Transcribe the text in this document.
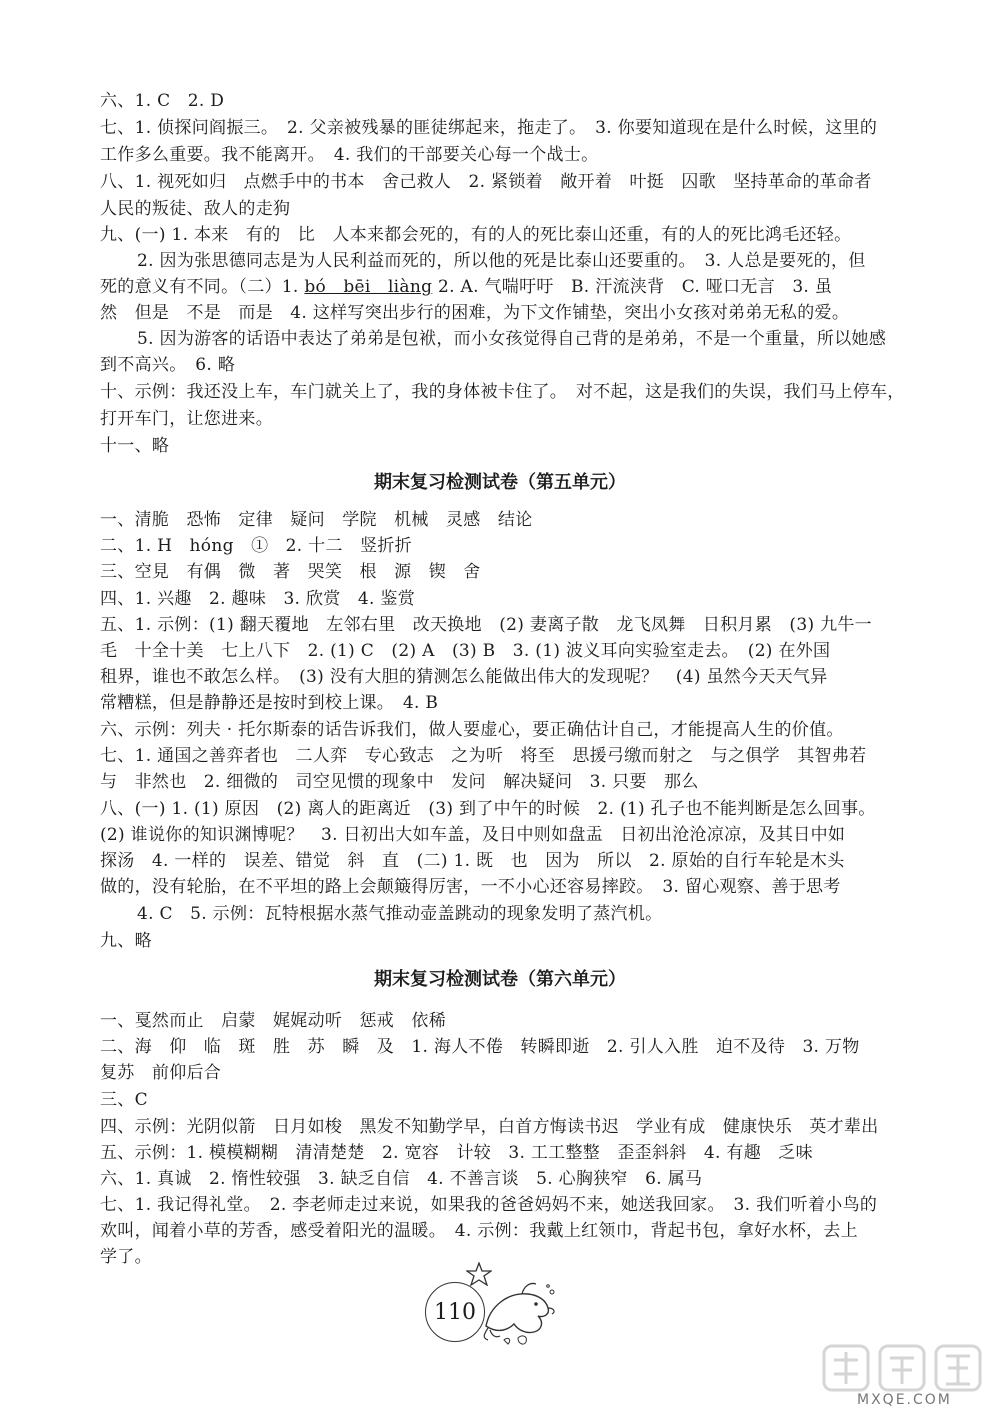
六、1. C　2. D
七、1. 侦探问阎振三。　2. 父亲被残暴的匪徒绑起来，拖走了。　3. 你要知道现在是什么时候，这里的
工作多么重要。我不能离开。　4. 我们的干部要关心每一个战士。
八、1. 视死如归　点燃手中的书本　舍己救人　2. 紧锁着　敞开着　叶挺　囚歌　坚持革命的革命者
人民的叛徒、敌人的走狗
九、(一) 1. 本来　有的　比　人本来都会死的，有的人的死比泰山还重，有的人的死比鸿毛还轻。
2. 因为张思德同志是为人民利益而死的，所以他的死是比泰山还要重的。　3. 人总是要死的，但
死的意义有不同。（二）1. bó　bēi　liàng 2. A. 气喘吁吁　B. 汗流浃背　C. 哑口无言　3. 虽
然　但是　不是　而是　4. 这样写突出步行的困难，为下文作铺垫，突出小女孩对弟弟无私的爱。
5. 因为游客的话语中表达了弟弟是包袱，而小女孩觉得自己背的是弟弟，不是一个重量，所以她感
到不高兴。　6. 略
十、示例：我还没上车，车门就关上了，我的身体被卡住了。　对不起，这是我们的失误，我们马上停车，
打开车门，让您进来。
十一、略
期末复习检测试卷（第五单元）
一、清脆　恐怖　定律　疑问　学院　机械　灵感　结论
二、1. H　hóng　①　2. 十二　竖折折
三、空見　有偶　微　著　哭笑　根　源　锲　舍
四、1. 兴趣　2. 趣味　3. 欣赏　4. 鉴赏
五、1. 示例：(1) 翻天覆地　左邻右里　改天换地　(2) 妻离子散　龙飞凤舞　日积月累　(3) 九牛一
毛　十全十美　七上八下　2. (1) C　(2) A　(3) B　3. (1) 波义耳向实验室走去。　(2) 在外国
租界，谁也不敢怎么样。　(3) 没有大胆的猜测怎么能做出伟大的发现呢？　(4) 虽然今天天气异
常糟糕，但是静静还是按时到校上课。　4. B
六、示例：列夫 · 托尔斯泰的话告诉我们，做人要虚心，要正确估计自己，才能提高人生的价值。
七、1. 通国之善弈者也　二人弈　专心致志　之为听　将至　思援弓缴而射之　与之俱学　其智弗若
与　非然也　2. 细微的　司空见惯的现象中　发问　解决疑问　3. 只要　那么
八、(一) 1. (1) 原因　(2) 离人的距离近　(3) 到了中午的时候　2. (1) 孔子也不能判断是怎么回事。
(2) 谁说你的知识渊博呢？　3. 日初出大如车盖，及日中则如盘盂　日初出沧沧凉凉，及其日中如
探汤　4. 一样的　误差、错觉　斜　直　(二) 1. 既　也　因为　所以　2. 原始的自行车轮是木头
做的，没有轮胎，在不平坦的路上会颠簸得厉害，一不小心还容易摔跤。　3. 留心观察、善于思考
4. C　5. 示例：瓦特根据水蒸气推动壶盖跳动的现象发明了蒸汽机。
九、略
期末复习检测试卷（第六单元）
一、戛然而止　启蒙　娓娓动听　惩戒　依稀
二、海　仰　临　斑　胜　苏　瞬　及　1. 海人不倦　转瞬即逝　2. 引人入胜　迫不及待　3. 万物
复苏　前仰后合
三、C
四、示例：光阴似箭　日月如梭　黑发不知勤学早，白首方悔读书迟　学业有成　健康快乐　英才辈出
五、示例：1. 模模糊糊　清清楚楚　2. 宽容　计较　3. 工工整整　歪歪斜斜　4. 有趣　乏味
六、1. 真诚　2. 惰性较强　3. 缺乏自信　4. 不善言谈　5. 心胸狭窄　6. 属马
七、1. 我记得礼堂。　2. 李老师走过来说，如果我的爸爸妈妈不来，她送我回家。　3. 我们听着小鸟的
欢叫，闻着小草的芳香，感受着阳光的温暖。　4. 示例：我戴上红领巾，背起书包，拿好水杯，去上
学了。
110
MXQE.COM
